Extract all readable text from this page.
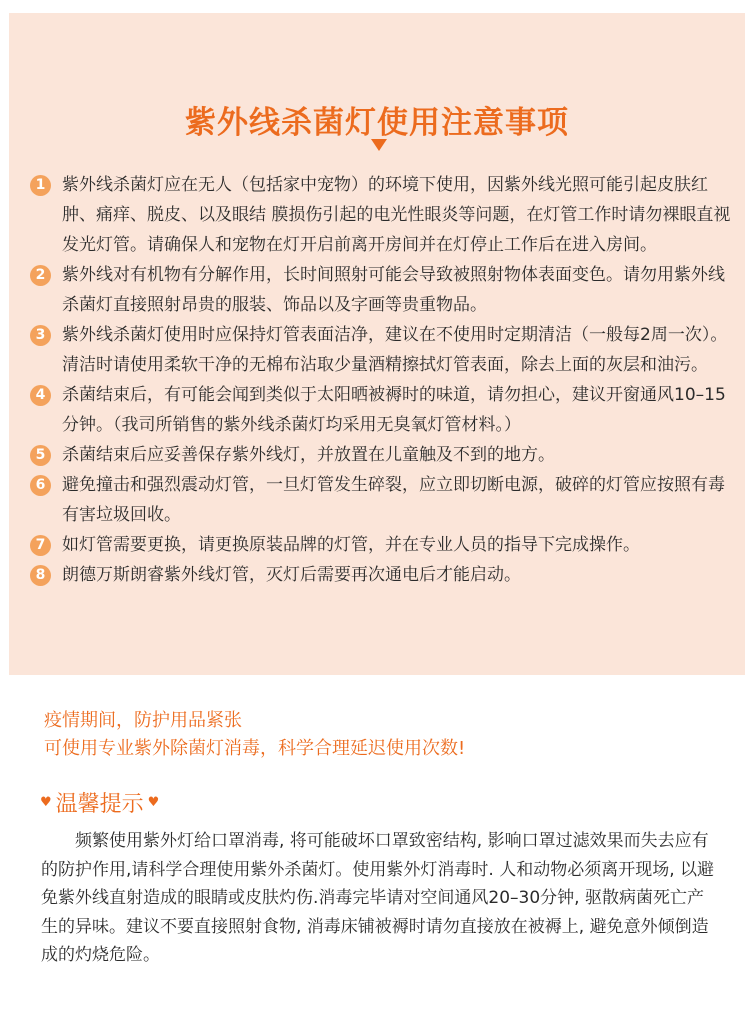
紫外线杀菌灯使用注意事项
1 紫外线杀菌灯应在无人（包括家中宠物）的环境下使用，因紫外线光照可能引起皮肤红肿、痛痒、脱皮、以及眼结 膜损伤引起的电光性眼炎等问题，在灯管工作时请勿裸眼直视发光灯管。请确保人和宠物在灯开启前离开房间并在灯停止工作后在进入房间。
2 紫外线对有机物有分解作用，长时间照射可能会导致被照射物体表面变色。请勿用紫外线杀菌灯直接照射昂贵的服装、饰品以及字画等贵重物品。
3 紫外线杀菌灯使用时应保持灯管表面洁净，建议在不使用时定期清洁（一般每2周一次）。清洁时请使用柔软干净的无棉布沾取少量酒精擦拭灯管表面，除去上面的灰层和油污。
4 杀菌结束后，有可能会闻到类似于太阳晒被褥时的味道，请勿担心，建议开窗通风10–15分钟。（我司所销售的紫外线杀菌灯均采用无臭氧灯管材料。）
5 杀菌结束后应妥善保存紫外线灯，并放置在儿童触及不到的地方。
6 避免撞击和强烈震动灯管，一旦灯管发生碎裂，应立即切断电源，破碎的灯管应按照有毒有害垃圾回收。
7 如灯管需要更换，请更换原装品牌的灯管，并在专业人员的指导下完成操作。
8 朗德万斯朗睿紫外线灯管，灭灯后需要再次通电后才能启动。
疫情期间，防护用品紧张
可使用专业紫外除菌灯消毒，科学合理延迟使用次数!
♥ 温馨提示 ♥

频繁使用紫外灯给口罩消毒, 将可能破坏口罩致密结构, 影响口罩过滤效果而失去应有的防护作用,请科学合理使用紫外杀菌灯。使用紫外灯消毒时. 人和动物必须离开现场, 以避免紫外线直射造成的眼睛或皮肤灼伤.消毒完毕请对空间通风20–30分钟, 驱散病菌死亡产生的异味。建议不要直接照射食物, 消毒床铺被褥时请勿直接放在被褥上, 避免意外倾倒造成的灼烧危险。
